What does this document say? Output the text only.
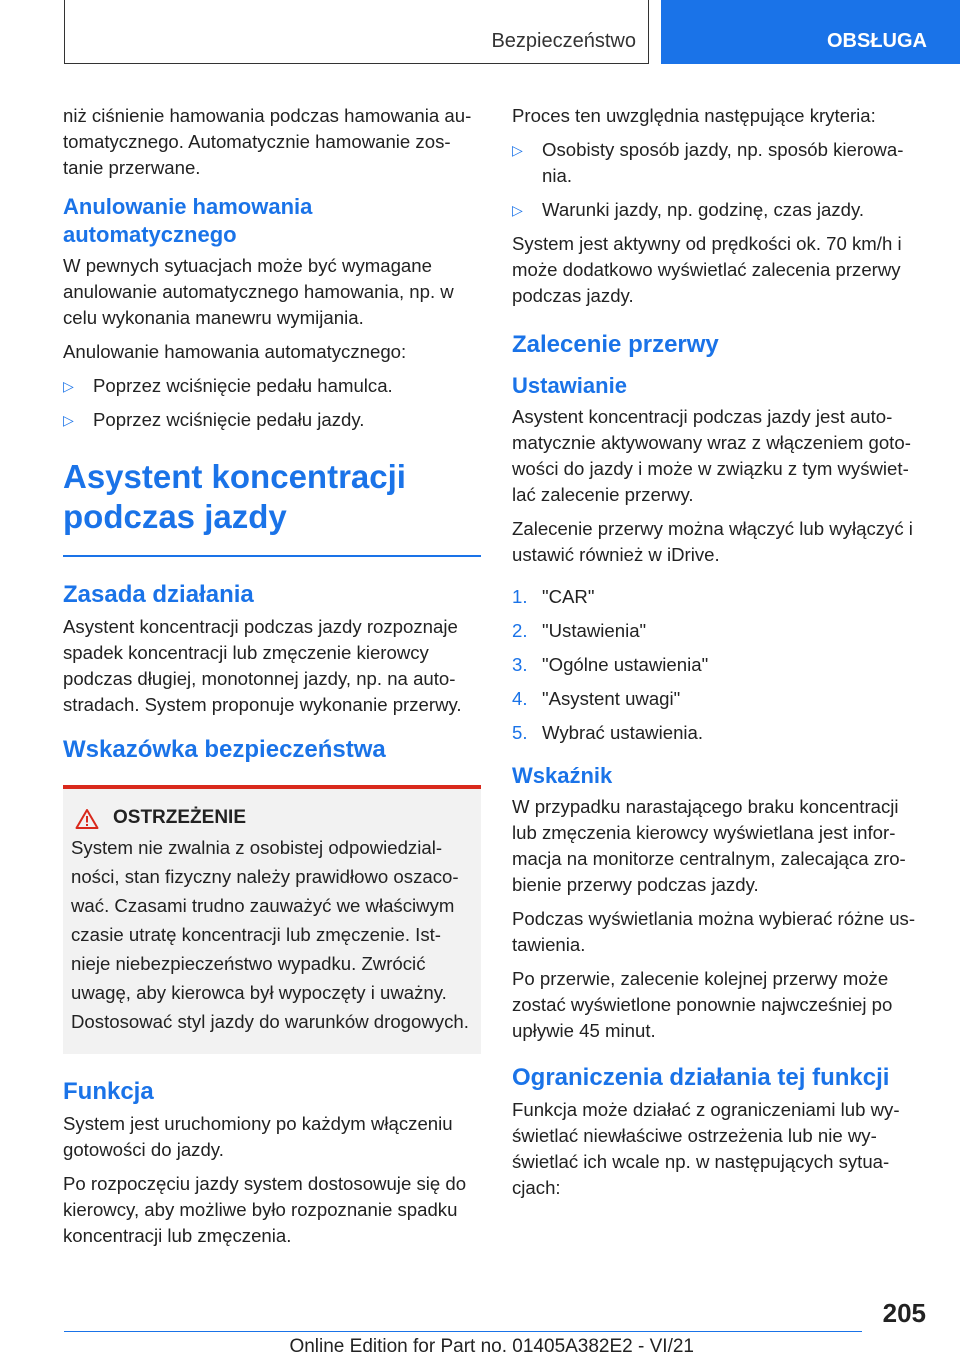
Bezpieczeństwo	OBSŁUGA

niż ciśnienie hamowania podczas hamowania automatycznego. Automatycznie hamowanie zostanie przerwane.

Anulowanie hamowania automatycznego

W pewnych sytuacjach może być wymagane anulowanie automatycznego hamowania, np. w celu wykonania manewru wymijania.

Anulowanie hamowania automatycznego:

▷ Poprzez wciśnięcie pedału hamulca.
▷ Poprzez wciśnięcie pedału jazdy.
Asystent koncentracji podczas jazdy
Zasada działania

Asystent koncentracji podczas jazdy rozpoznaje spadek koncentracji lub zmęczenie kierowcy podczas długiej, monotonnej jazdy, np. na autostradach. System proponuje wykonanie przerwy.

Wskazówka bezpieczeństwa
OSTRZEŻENIE

System nie zwalnia z osobistej odpowiedzialności, stan fizyczny należy prawidłowo oszacować. Czasami trudno zauważyć we właściwym czasie utratę koncentracji lub zmęczenie. Istnieje niebezpieczeństwo wypadku. Zwrócić uwagę, aby kierowca był wypoczęty i uważny. Dostosować styl jazdy do warunków drogowych.

Funkcja

System jest uruchomiony po każdym włączeniu gotowości do jazdy.

Po rozpoczęciu jazdy system dostosowuje się do kierowcy, aby możliwe było rozpoznanie spadku koncentracji lub zmęczenia.

Proces ten uwzględnia następujące kryteria:

▷ Osobisty sposób jazdy, np. sposób kierowania.
▷ Warunki jazdy, np. godzinę, czas jazdy.

System jest aktywny od prędkości ok. 70 km/h i może dodatkowo wyświetlać zalecenia przerwy podczas jazdy.

Zalecenie przerwy
Ustawianie

Asystent koncentracji podczas jazdy jest automatycznie aktywowany wraz z włączeniem gotowości do jazdy i może w związku z tym wyświetlać zalecenie przerwy.

Zalecenie przerwy można włączyć lub wyłączyć i ustawić również w iDrive.

1. "CAR"
2. "Ustawienia"
3. "Ogólne ustawienia"
4. "Asystent uwagi"
5. Wybrać ustawienia.
Wskaźnik

W przypadku narastającego braku koncentracji lub zmęczenia kierowcy wyświetlana jest informacja na monitorze centralnym, zalecająca zrobienie przerwy podczas jazdy.

Podczas wyświetlania można wybierać różne ustawienia.

Po przerwie, zalecenie kolejnej przerwy może zostać wyświetlone ponownie najwcześniej po upływie 45 minut.

Ograniczenia działania tej funkcji

Funkcja może działać z ograniczeniami lub wyświetlać niewłaściwe ostrzeżenia lub nie wyświetlać ich wcale np. w następujących sytuacjach:

205
Online Edition for Part no. 01405A382E2 - VI/21
